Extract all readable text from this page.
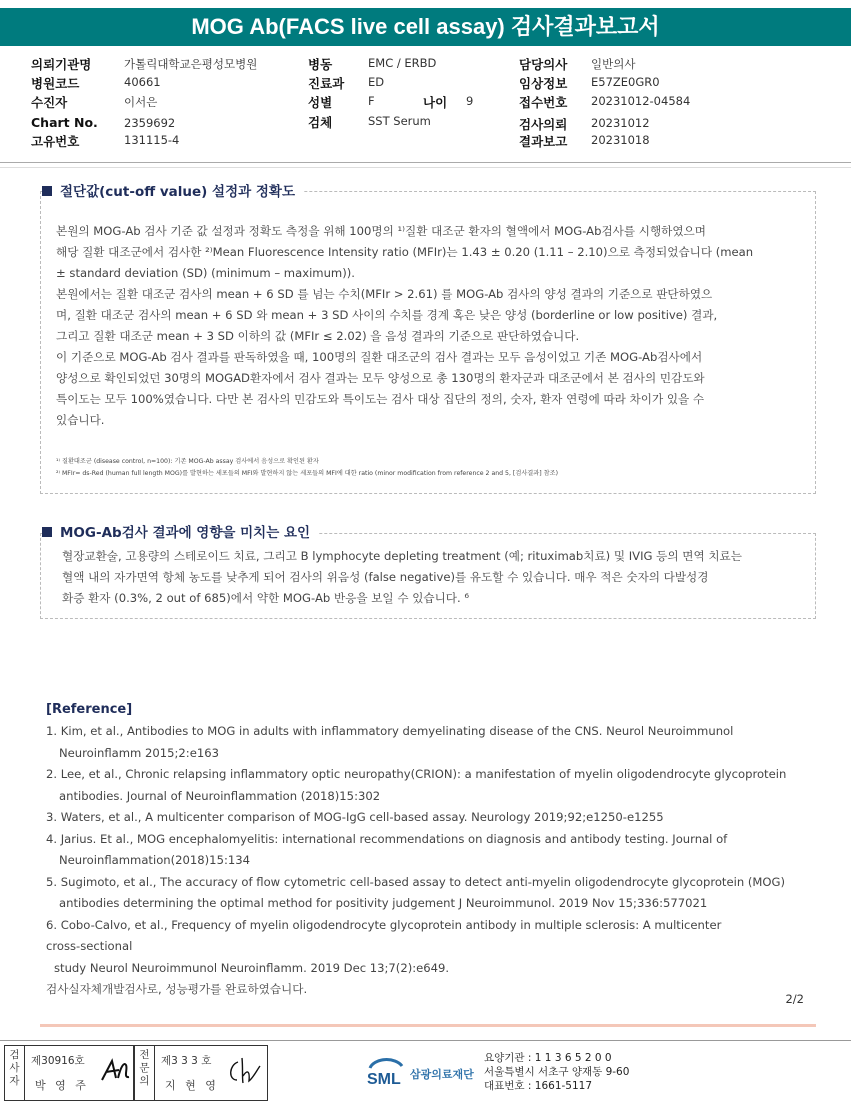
MOG Ab(FACS live cell assay) 검사결과보고서
의뢰기관명	가톨릭대학교은평성모병원
병원코드	40661
수진자	이서은
Chart No. 2359692
고유번호	131115-4
병동	EMC / ERBD
진료과 ED
성별	F	나이 9
검체	SST Serum
담당의사 일반의사
임상정보 E57ZE0GR0
접수번호 20231012-04584
검사의뢰 20231012
결과보고 20231018
절단값(cut-off value) 설정과 정확도
본원의 MOG-Ab 검사 기준 값 설정과 정확도 측정을 위해 100명의 ¹⁾질환 대조군 환자의 혈액에서 MOG-Ab검사를 시행하였으며
해당 질환 대조군에서 검사한 ²⁾Mean Fluorescence Intensity ratio (MFIr)는 1.43 ± 0.20 (1.11 – 2.10)으로 측정되었습니다 (mean
± standard deviation (SD) (minimum – maximum)).
본원에서는 질환 대조군 검사의 mean + 6 SD 를 넘는 수치(MFIr > 2.61) 를 MOG-Ab 검사의 양성 결과의 기준으로 판단하였으
며, 질환 대조군 검사의 mean + 6 SD 와 mean + 3 SD 사이의 수치를 경계 혹은 낮은 양성 (borderline or low positive) 결과,
그리고 질환 대조군 mean + 3 SD 이하의 값 (MFIr ≤ 2.02) 을 음성 결과의 기준으로 판단하였습니다.
이 기준으로 MOG-Ab 검사 결과를 판독하였을 때, 100명의 질환 대조군의 검사 결과는 모두 음성이었고 기존 MOG-Ab검사에서
양성으로 확인되었던 30명의 MOGAD환자에서 검사 결과는 모두 양성으로 총 130명의 환자군과 대조군에서 본 검사의 민감도와
특이도는 모두 100%였습니다. 다만 본 검사의 민감도와 특이도는 검사 대상 집단의 정의, 숫자, 환자 연령에 따라 차이가 있을 수
있습니다.
¹⁾ 질환대조군 (disease control, n=100): 기존 MOG-Ab assay 검사에서 음성으로 확인된 환자
²⁾ MFIr= ds-Red (human full length MOG)를 발현하는 세포들의 MFI와 발현하지 않는 세포들의 MFI에 대한 ratio (minor modification from reference 2 and 5, [검사결과] 참조)
MOG-Ab검사 결과에 영향을 미치는 요인
혈장교환술, 고용량의 스테로이드 치료, 그리고 B lymphocyte depleting treatment (예; rituximab치료) 및 IVIG 등의 면역 치료는
혈액 내의 자가면역 항체 농도를 낮추게 되어 검사의 위음성 (false negative)를 유도할 수 있습니다. 매우 적은 숫자의 다발성경
화증 환자 (0.3%, 2 out of 685)에서 약한 MOG-Ab 반응을 보일 수 있습니다. ⁶
[Reference]
1. Kim, et al., Antibodies to MOG in adults with inflammatory demyelinating disease of the CNS. Neurol Neuroimmunol
Neuroinflamm 2015;2:e163
2. Lee, et al., Chronic relapsing inflammatory optic neuropathy(CRION): a manifestation of myelin oligodendrocyte glycoprotein
antibodies. Journal of Neuroinflammation (2018)15:302
3. Waters, et al., A multicenter comparison of MOG-IgG cell-based assay. Neurology 2019;92;e1250-e1255
4. Jarius. Et al., MOG encephalomyelitis: international recommendations on diagnosis and antibody testing. Journal of
Neuroinflammation(2018)15:134
5. Sugimoto, et al., The accuracy of flow cytometric cell-based assay to detect anti-myelin oligodendrocyte glycoprotein (MOG)
antibodies determining the optimal method for positivity judgement J Neuroimmunol. 2019 Nov 15;336:577021
6. Cobo-Calvo, et al., Frequency of myelin oligodendrocyte glycoprotein antibody in multiple sclerosis: A multicenter
cross-sectional
study Neurol Neuroimmunol Neuroinflamm. 2019 Dec 13;7(2):e649.
검사실자체개발검사로, 성능평가를 완료하였습니다.
2/2
검
사
자
제30916호
박 영 주
전
문
의
제3 3 3 호
지 현 영	SML 삼광의료재단
요양기관 : 1 1 3 6 5 2 0 0
서울특별시 서초구 양재동 9-60
대표번호 : 1661-5117
